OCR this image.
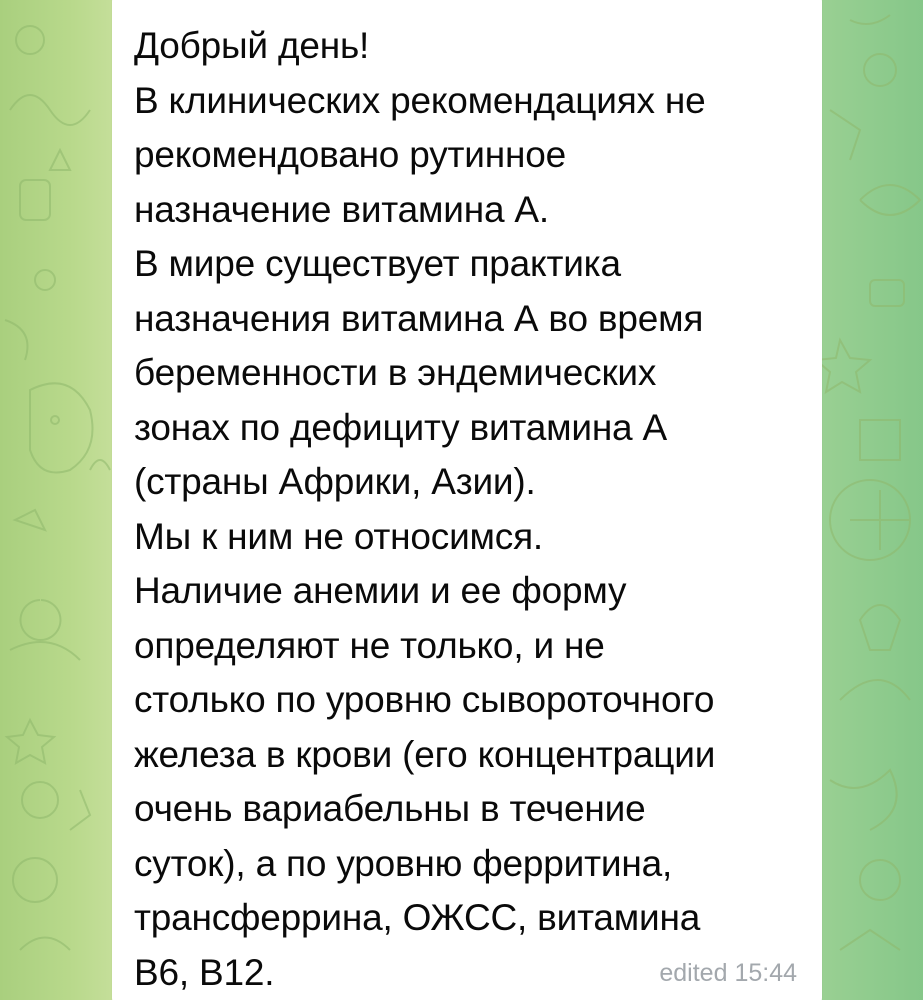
Добрый день!
В клинических рекомендациях не
рекомендовано рутинное
назначение витамина А.
В мире существует практика
назначения витамина А во время
беременности в эндемических
зонах по дефициту витамина А
(страны Африки, Азии).
Мы к ним не относимся.
Наличие анемии и ее форму
определяют не только, и не
столько по уровню сывороточного
железа в крови (его концентрации
очень вариабельны в течение
суток), а по уровню ферритина,
трансферрина, ОЖСС, витамина
В6, В12.	edited 15:44
